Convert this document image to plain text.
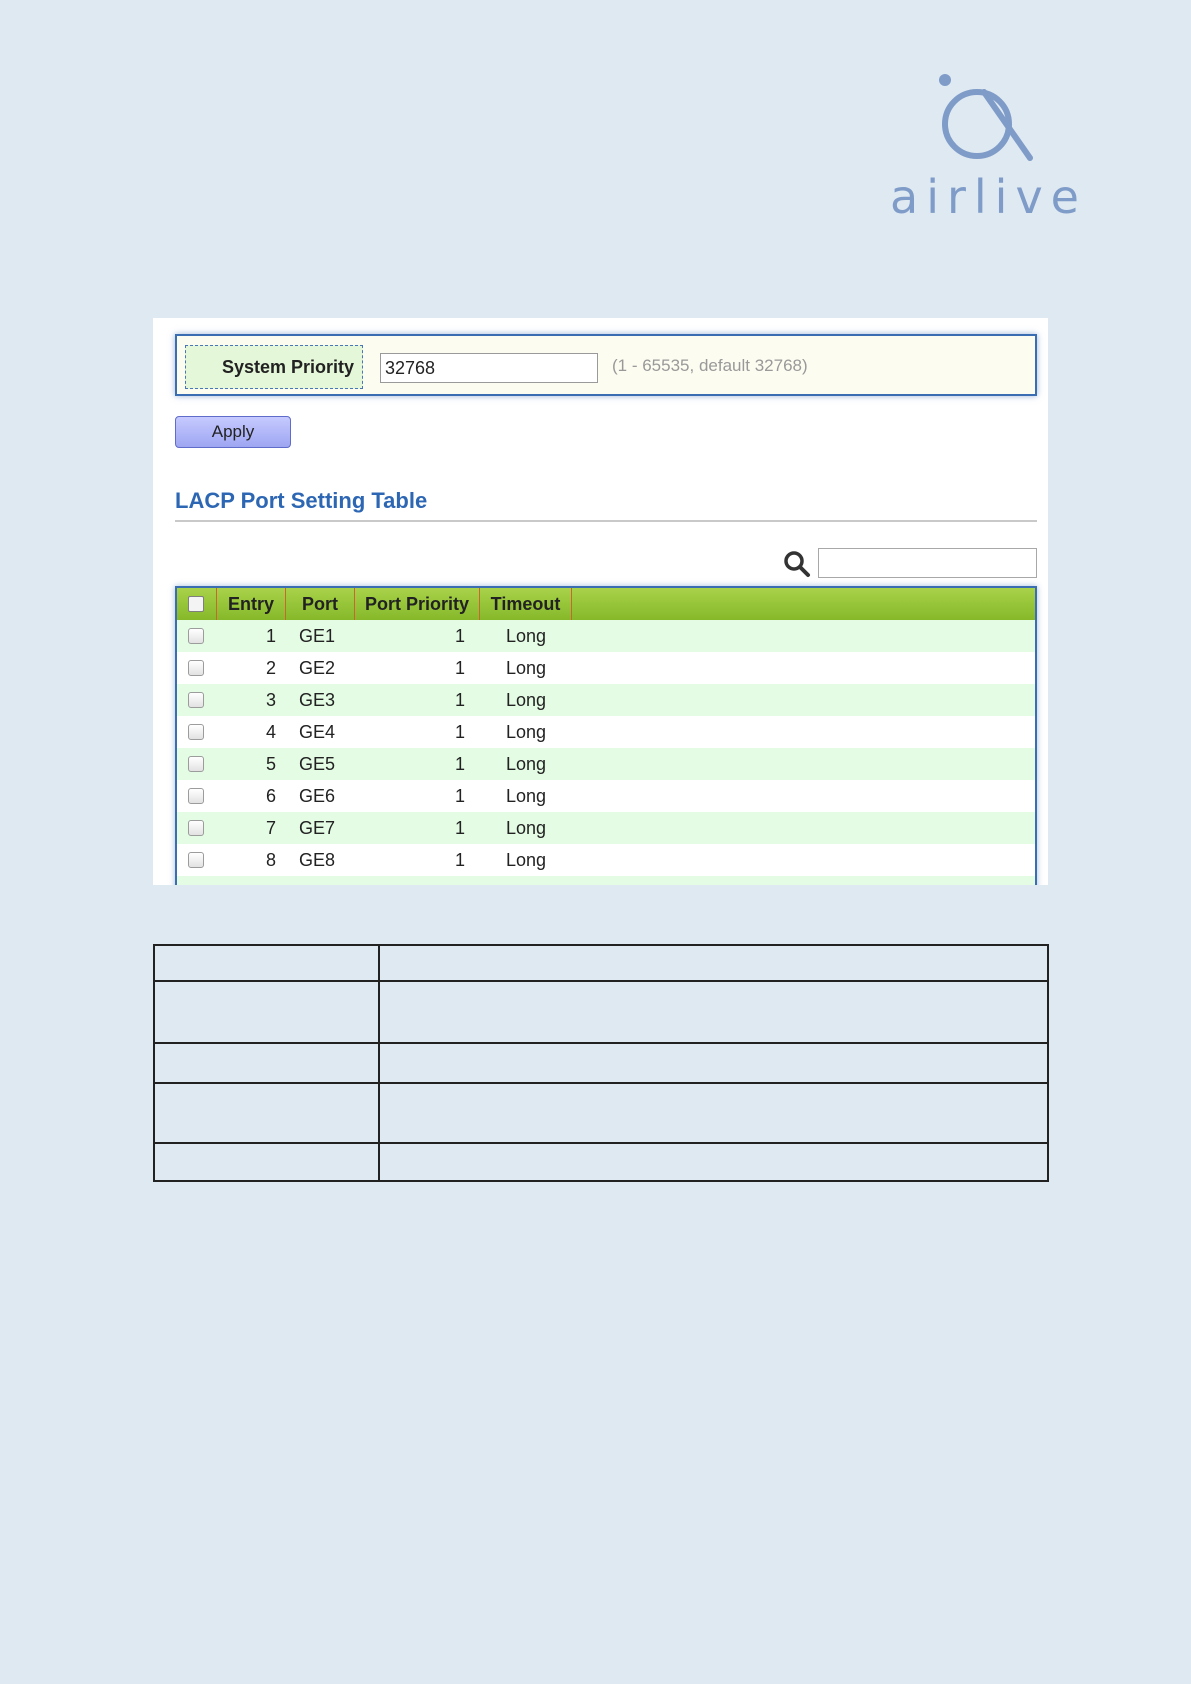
airlive
System Priority	32768	(1 - 65535, default 32768)
Apply
LACP Port Setting Table
Entry	Port	Port Priority	Timeout
1 GE1	1	Long
2 GE2	1	Long
3 GE3	1	Long
4 GE4	1	Long
5 GE5	1	Long
6 GE6	1	Long
7 GE7	1	Long
8 GE8	1	Long
